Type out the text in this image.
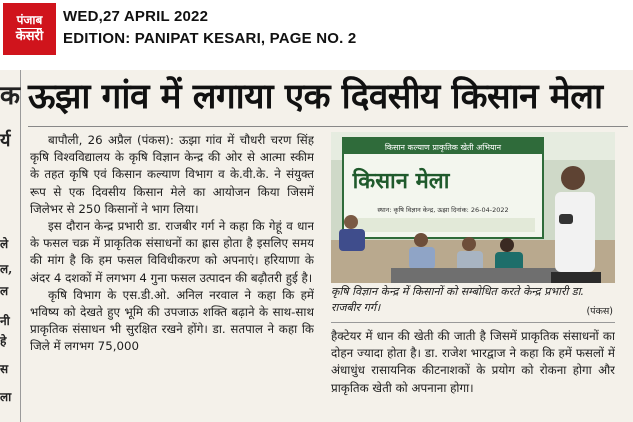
पंजाब
केसरी
WED,27 APRIL 2022
EDITION: PANIPAT KESARI, PAGE NO. 2
क
र्य
ले
ल,
ल
नी
हे
स
ला
ऊझा गांव में लगाया एक दिवसीय किसान मेला

बापौली, 26 अप्रैल (पंकस): ऊझा गांव में चौधरी चरण सिंह कृषि विश्वविद्यालय के कृषि विज्ञान केन्द्र की ओर से आत्मा स्कीम के तहत कृषि एवं किसान कल्याण विभाग व के.वी.के. ने संयुक्त रूप से एक दिवसीय किसान मेले का आयोजन किया जिसमें जिलेभर से 250 किसानों ने भाग लिया।

इस दौरान केन्द्र प्रभारी डा. राजबीर गर्ग ने कहा कि गेहूं व धान के फसल चक्र में प्राकृतिक संसाधनों का ह्रास होता है इसलिए समय की मांग है कि हम फसल विविधीकरण को अपनाएं। हरियाणा के अंदर 4 दशकों में लगभग 4 गुना फसल उत्पादन की बढ़ौतरी हुई है।

कृषि विभाग के एस.डी.ओ. अनिल नरवाल ने कहा कि हमें भविष्य को देखते हुए भूमि की उपजाऊ शक्ति बढ़ाने के साथ-साथ प्राकृतिक संसाधन भी सुरक्षित रखने होंगे। डा. सतपाल ने कहा कि जिले में लगभग 75,000

किसान कल्याण प्राकृतिक खेती अभियान
किसान मेला
स्थान: कृषि विज्ञान केन्द्र, ऊझा दिनांक: 26-04-2022
कृषि विज्ञान केन्द्र में किसानों को सम्बोधित करते केन्द्र प्रभारी डा. राजबीर गर्ग।	(पंकस)

हैक्टेयर में धान की खेती की जाती है जिसमें प्राकृतिक संसाधनों का दोहन ज्यादा होता है। डा. राजेश भारद्वाज ने कहा कि हमें फसलों में अंधाधुंध रासायनिक कीटनाशकों के प्रयोग को रोकना होगा और प्राकृतिक खेती को अपनाना होगा।
